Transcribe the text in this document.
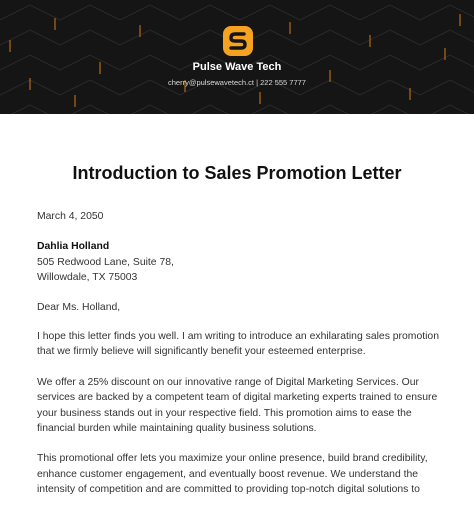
Pulse Wave Tech
cherry@pulsewavetech.ct | 222 555 7777
Introduction to Sales Promotion Letter

March 4, 2050

Dahlia Holland

505 Redwood Lane, Suite 78,

Willowdale, TX 75003

Dear Ms. Holland,

I hope this letter finds you well. I am writing to introduce an exhilarating sales promotion

that we firmly believe will significantly benefit your esteemed enterprise.

We offer a 25% discount on our innovative range of Digital Marketing Services. Our

services are backed by a competent team of digital marketing experts trained to ensure

your business stands out in your respective field. This promotion aims to ease the

financial burden while maintaining quality business solutions.

This promotional offer lets you maximize your online presence, build brand credibility,

enhance customer engagement, and eventually boost revenue. We understand the

intensity of competition and are committed to providing top-notch digital solutions to
